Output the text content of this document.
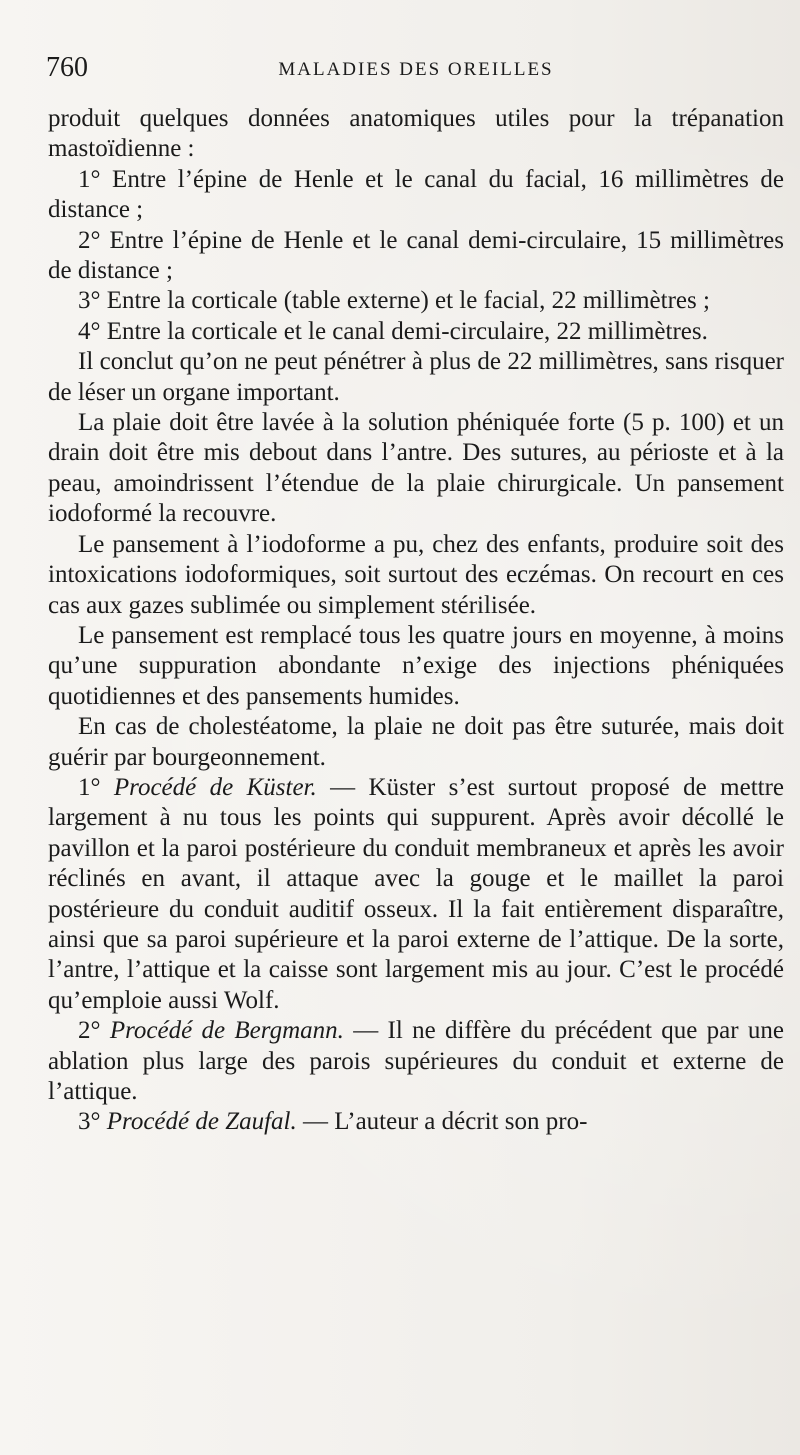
760	MALADIES DES OREILLES

produit quelques données anatomiques utiles pour la trépanation mastoïdienne :

1° Entre l’épine de Henle et le canal du facial, 16 millimètres de distance ;

2° Entre l’épine de Henle et le canal demi-circulaire, 15 millimètres de distance ;

3° Entre la corticale (table externe) et le facial, 22 millimètres ;

4° Entre la corticale et le canal demi-circulaire, 22 millimètres.

Il conclut qu’on ne peut pénétrer à plus de 22 millimètres, sans risquer de léser un organe important.

La plaie doit être lavée à la solution phéniquée forte (5 p. 100) et un drain doit être mis debout dans l’antre. Des sutures, au périoste et à la peau, amoindrissent l’étendue de la plaie chirurgicale. Un pansement iodoformé la recouvre.

Le pansement à l’iodoforme a pu, chez des enfants, produire soit des intoxications iodoformiques, soit surtout des eczémas. On recourt en ces cas aux gazes sublimée ou simplement stérilisée.

Le pansement est remplacé tous les quatre jours en moyenne, à moins qu’une suppuration abondante n’exige des injections phéniquées quotidiennes et des pansements humides.

En cas de cholestéatome, la plaie ne doit pas être suturée, mais doit guérir par bourgeonnement.

1° Procédé de Küster. — Küster s’est surtout proposé de mettre largement à nu tous les points qui suppurent. Après avoir décollé le pavillon et la paroi postérieure du conduit membraneux et après les avoir réclinés en avant, il attaque avec la gouge et le maillet la paroi postérieure du conduit auditif osseux. Il la fait entièrement disparaître, ainsi que sa paroi supérieure et la paroi externe de l’attique. De la sorte, l’antre, l’attique et la caisse sont largement mis au jour. C’est le procédé qu’emploie aussi Wolf.

2° Procédé de Bergmann. — Il ne diffère du précédent que par une ablation plus large des parois supérieures du conduit et externe de l’attique.

3° Procédé de Zaufal. — L’auteur a décrit son pro-
